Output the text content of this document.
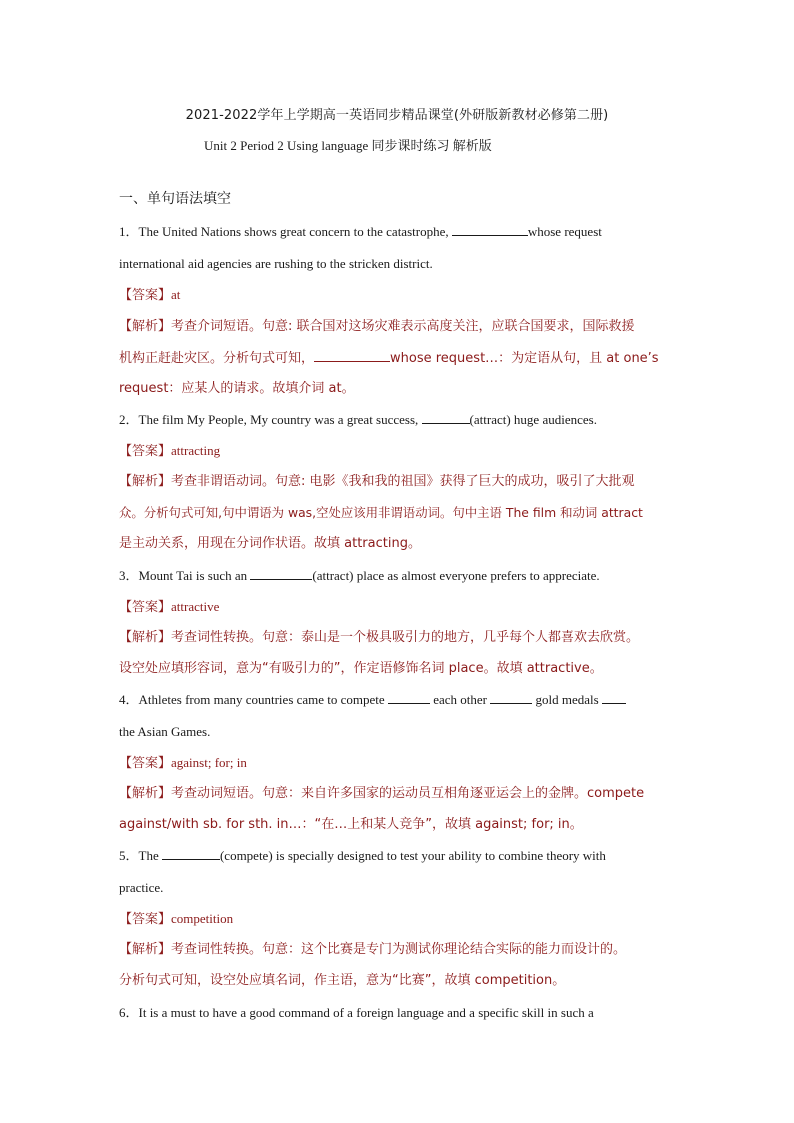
2021-2022学年上学期高一英语同步精品课堂(外研版新教材必修第二册)
Unit 2 Period 2 Using language 同步课时练习 解析版
一、单句语法填空
1．The United Nations shows great concern to the catastrophe,	whose request
international aid agencies are rushing to the stricken district.
【答案】at
【解析】考查介词短语。句意: 联合国对这场灾难表示高度关注，应联合国要求，国际救援
机构正赶赴灾区。分析句式可知，	whose request…：为定语从句，且 at one’s
request：应某人的请求。故填介词 at。
2．The film My People, My country was a great success,	(attract) huge audiences.
【答案】attracting
【解析】考查非谓语动词。句意: 电影《我和我的祖国》获得了巨大的成功，吸引了大批观
众。分析句式可知,句中谓语为 was,空处应该用非谓语动词。句中主语 The film 和动词 attract
是主动关系，用现在分词作状语。故填 attracting。
3．Mount Tai is such an	(attract) place as almost everyone prefers to appreciate.
【答案】attractive
【解析】考查词性转换。句意：泰山是一个极具吸引力的地方，几乎每个人都喜欢去欣赏。
设空处应填形容词，意为“有吸引力的”，作定语修饰名词 place。故填 attractive。
4．Athletes from many countries came to compete	each other	gold medals
the Asian Games.
【答案】against; for; in
【解析】考查动词短语。句意：来自许多国家的运动员互相角逐亚运会上的金牌。compete
against/with sb. for sth. in…：“在…上和某人竞争”，故填 against; for; in。
5．The	(compete) is specially designed to test your ability to combine theory with
practice.
【答案】competition
【解析】考查词性转换。句意：这个比赛是专门为测试你理论结合实际的能力而设计的。
分析句式可知，设空处应填名词，作主语，意为“比赛”，故填 competition。
6．It is a must to have a good command of a foreign language and a specific skill in such a
